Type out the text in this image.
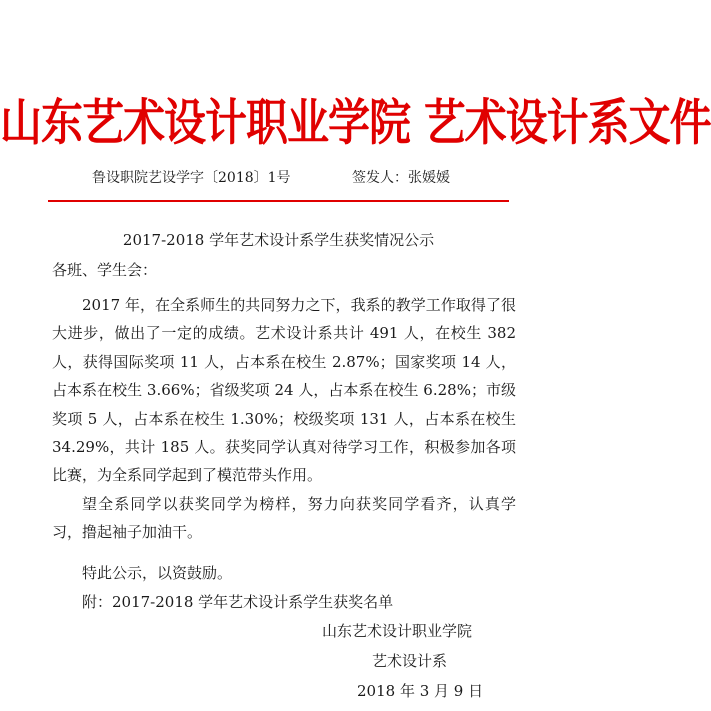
山东艺术设计职业学院 艺术设计系文件
鲁设职院艺设学字〔2018〕1号	签发人：张媛媛
2017-2018 学年艺术设计系学生获奖情况公示
各班、学生会：

2017 年，在全系师生的共同努力之下，我系的教学工作取得了很大进步，做出了一定的成绩。艺术设计系共计 491 人，在校生 382 人，获得国际奖项 11 人，占本系在校生 2.87%；国家奖项 14 人，占本系在校生 3.66%；省级奖项 24 人，占本系在校生 6.28%；市级奖项 5 人，占本系在校生 1.30%；校级奖项 131 人，占本系在校生 34.29%，共计 185 人。获奖同学认真对待学习工作，积极参加各项比赛，为全系同学起到了模范带头作用。

望全系同学以获奖同学为榜样，努力向获奖同学看齐，认真学习，撸起袖子加油干。

特此公示，以资鼓励。
附：2017-2018 学年艺术设计系学生获奖名单
山东艺术设计职业学院
艺术设计系
2018 年 3 月 9 日
